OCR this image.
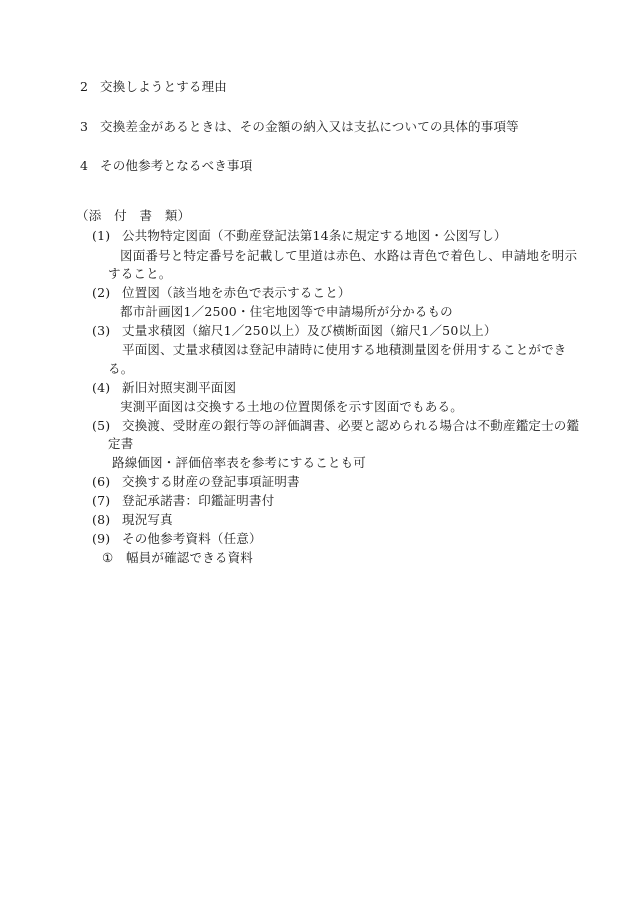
2 交換しようとする理由
3 交換差金があるときは、その金額の納入又は支払についての具体的事項等
4 その他参考となるべき事項
（添　付　書　類）
(1) 公共物特定図面（不動産登記法第14条に規定する地図・公図写し）
図面番号と特定番号を記載して里道は赤色、水路は青色で着色し、申請地を明示
すること。
(2) 位置図（該当地を赤色で表示すること）
都市計画図1／2500・住宅地図等で申請場所が分かるもの
(3) 丈量求積図（縮尺1／250以上）及び横断面図（縮尺1／50以上）
平面図、丈量求積図は登記申請時に使用する地積測量図を併用することができ
る。
(4) 新旧対照実測平面図
実測平面図は交換する土地の位置関係を示す図面でもある。
(5) 交換渡、受財産の銀行等の評価調書、必要と認められる場合は不動産鑑定士の鑑
定書
路線価図・評価倍率表を参考にすることも可
(6) 交換する財産の登記事項証明書
(7) 登記承諾書：印鑑証明書付
(8) 現況写真
(9) その他参考資料（任意）
① 幅員が確認できる資料
